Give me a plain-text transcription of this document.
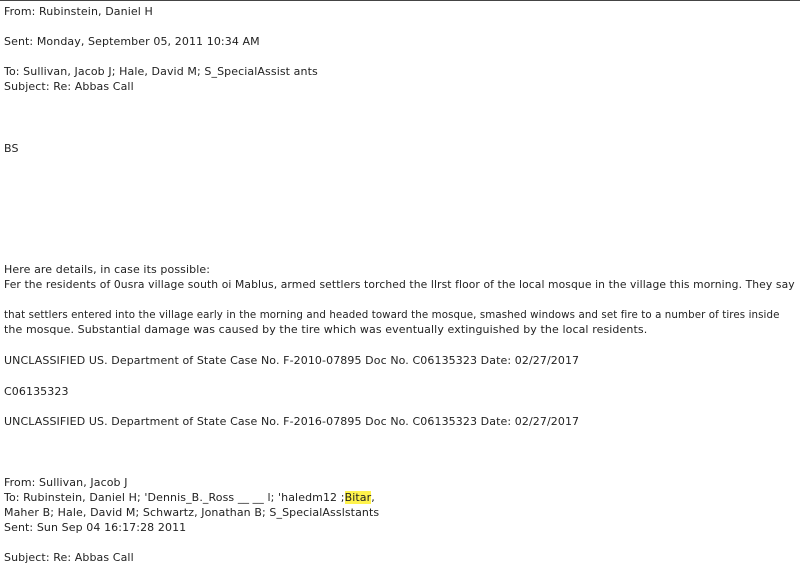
From: Rubinstein, Daniel H
Sent: Monday, September 05, 2011 10:34 AM
To: Sullivan, Jacob J; Hale, David M; S_SpecialAssist ants
Subject: Re: Abbas Call
BS
Here are details, in case its possible:
Fer the residents of 0usra village south oi Mablus, armed settlers torched the llrst floor of the local mosque in the village this morning. They say
that settlers entered into the village early in the morning and headed toward the mosque, smashed windows and set fire to a number of tires inside
the mosque. Substantial damage was caused by the tire which was eventually extinguished by the local residents.
UNCLASSIFIED US. Department of State Case No. F-2010-07895 Doc No. C06135323 Date: 02/27/2017
C06135323
UNCLASSIFIED US. Department of State Case No. F-2016-07895 Doc No. C06135323 Date: 02/27/2017
From: Sullivan, Jacob J
To: Rubinstein, Daniel H; 'Dennis_B._Ross __ __ l; 'haledm12 ;Bitar,
Maher B; Hale, David M; Schwartz, Jonathan B; S_SpecialAsslstants
Sent: Sun Sep 04 16:17:28 2011
Subject: Re: Abbas Call
